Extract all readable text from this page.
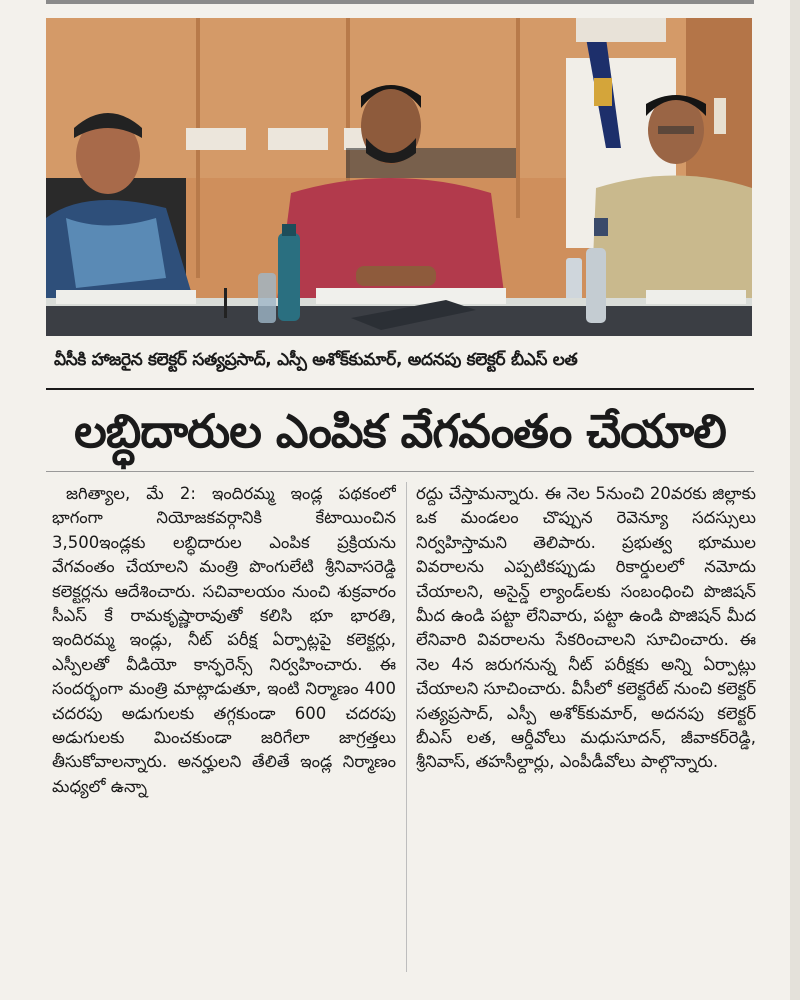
వీసీకి హాజరైన కలెక్టర్ సత్యప్రసాద్, ఎస్పీ అశోక్‌కుమార్, అదనపు కలెక్టర్ బీఎస్ లత
లబ్ధిదారుల ఎంపిక వేగవంతం చేయాలి

జగిత్యాల, మే 2: ఇందిరమ్మ ఇండ్ల పథకంలో భాగంగా నియోజకవర్గానికి కేటాయించిన 3,500ఇండ్లకు లబ్ధిదారుల ఎంపిక ప్రక్రియను వేగవంతం చేయాలని మంత్రి పొంగులేటి శ్రీనివాసరెడ్డి కలెక్టర్లను ఆదేశించారు. సచివాలయం నుంచి శుక్రవారం సీఎస్ కే రామకృష్ణారావుతో కలిసి భూ భారతి, ఇందిరమ్మ ఇండ్లు, నీట్ పరీక్ష ఏర్పాట్లపై కలెక్టర్లు, ఎస్పీలతో వీడియో కాన్ఫరెన్స్ నిర్వహించారు. ఈ సందర్భంగా మంత్రి మాట్లాడుతూ, ఇంటి నిర్మాణం 400 చదరపు అడుగులకు తగ్గకుండా 600 చదరపు అడుగులకు మించకుండా జరిగేలా జాగ్రత్తలు తీసుకోవాలన్నారు. అనర్హులని తేలితే ఇండ్ల నిర్మాణం మధ్యలో ఉన్నా

రద్దు చేస్తామన్నారు. ఈ నెల 5నుంచి 20వరకు జిల్లాకు ఒక మండలం చొప్పున రెవెన్యూ సదస్సులు నిర్వహిస్తామని తెలిపారు. ప్రభుత్వ భూముల వివరాలను ఎప్పటికప్పుడు రికార్డులలో నమోదు చేయాలని, అసైన్డ్ ల్యాండ్‌లకు సంబంధించి పొజిషన్ మీద ఉండి పట్టా లేనివారు, పట్టా ఉండి పొజిషన్ మీద లేనివారి వివరాలను సేకరించాలని సూచించారు. ఈ నెల 4న జరుగనున్న నీట్ పరీక్షకు అన్ని ఏర్పాట్లు చేయాలని సూచించారు. వీసీలో కలెక్టరేట్ నుంచి కలెక్టర్ సత్యప్రసాద్, ఎస్పీ అశోక్‌కుమార్, అదనపు కలెక్టర్ బీఎస్ లత, ఆర్డీవోలు మధుసూదన్, జీవాకర్‌రెడ్డి, శ్రీనివాస్, తహసీల్దార్లు, ఎంపీడీవోలు పాల్గొన్నారు.
